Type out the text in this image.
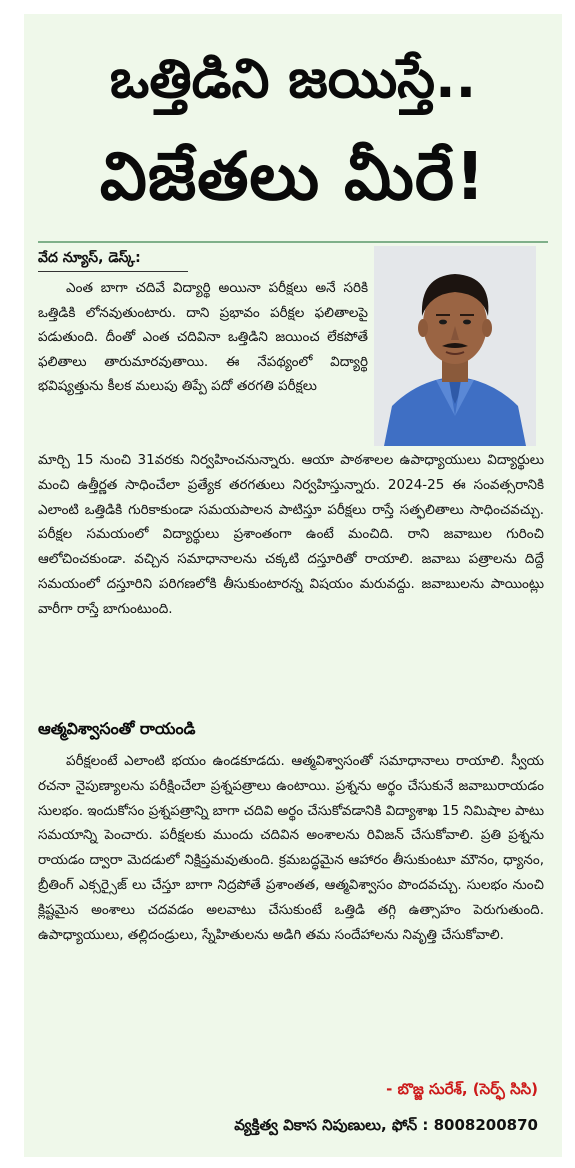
ఒత్తిడిని జయిస్తే..
విజేతలు మీరే!
వేద న్యూస్, డెస్క్:

ఎంత బాగా చదివే విద్యార్థి అయినా పరీక్షలు అనే సరికి ఒత్తిడికి లోనవుతుంటారు. దాని ప్రభావం పరీక్షల ఫలితాలపై పడుతుంది. దీంతో ఎంత చదివినా ఒత్తిడిని జయించ లేకపోతే ఫలితాలు తారుమారవుతాయి. ఈ నేపథ్యంలో విద్యార్థి భవిష్యత్తును కీలక మలుపు తిప్పే పదో తరగతి పరీక్షలు

మార్చి 15 నుంచి 31వరకు నిర్వహించనున్నారు. ఆయా పాఠశాలల ఉపాధ్యాయులు విద్యార్థులు మంచి ఉత్తీర్ణత సాధించేలా ప్రత్యేక తరగతులు నిర్వహిస్తున్నారు. 2024-25 ఈ సంవత్సరానికి ఎలాంటి ఒత్తిడికి గురికాకుండా సమయపాలన పాటిస్తూ పరీక్షలు రాస్తే సత్ఫలితాలు సాధించవచ్చు. పరీక్షల సమయంలో విద్యార్థులు ప్రశాంతంగా ఉంటే మంచిది. రాని జవాబుల గురించి ఆలోచించకుండా. వచ్చిన సమాధానాలను చక్కటి దస్తూరితో రాయాలి. జవాబు పత్రాలను దిద్దే సమయంలో దస్తూరిని పరిగణలోకి తీసుకుంటారన్న విషయం మరువద్దు. జవాబులను పాయింట్లు వారీగా రాస్తే బాగుంటుంది.

ఆత్మవిశ్వాసంతో రాయండి

పరీక్షలంటే ఎలాంటి భయం ఉండకూడదు. ఆత్మవిశ్వాసంతో సమాధానాలు రాయాలి. స్వీయ రచనా నైపుణ్యాలను పరీక్షించేలా ప్రశ్నపత్రాలు ఉంటాయి. ప్రశ్నను అర్థం చేసుకునే జవాబురాయడం సులభం. ఇందుకోసం ప్రశ్నపత్రాన్ని బాగా చదివి అర్థం చేసుకోవడానికి విద్యాశాఖ 15 నిమిషాల పాటు సమయాన్ని పెంచారు. పరీక్షలకు ముందు చదివిన అంశాలను రివిజన్ చేసుకోవాలి. ప్రతి ప్రశ్నను రాయడం ద్వారా మెదడులో నిక్షిప్తమవుతుంది. క్రమబద్ధమైన ఆహారం తీసుకుంటూ మౌనం, ధ్యానం, బ్రీతింగ్ ఎక్సర్సైజ్ లు చేస్తూ బాగా నిద్రపోతే ప్రశాంతత, ఆత్మవిశ్వాసం పొందవచ్చు. సులభం నుంచి క్లిష్టమైన అంశాలు చదవడం అలవాటు చేసుకుంటే ఒత్తిడి తగ్గి ఉత్సాహం పెరుగుతుంది. ఉపాధ్యాయులు, తల్లిదండ్రులు, స్నేహితులను అడిగి తమ సందేహాలను నివృత్తి చేసుకోవాలి.

- బొజ్జ సురేశ్, (సెర్ఫ్ సిసి)
వ్యక్తిత్వ వికాస నిపుణులు, ఫోన్ : 8008200870
